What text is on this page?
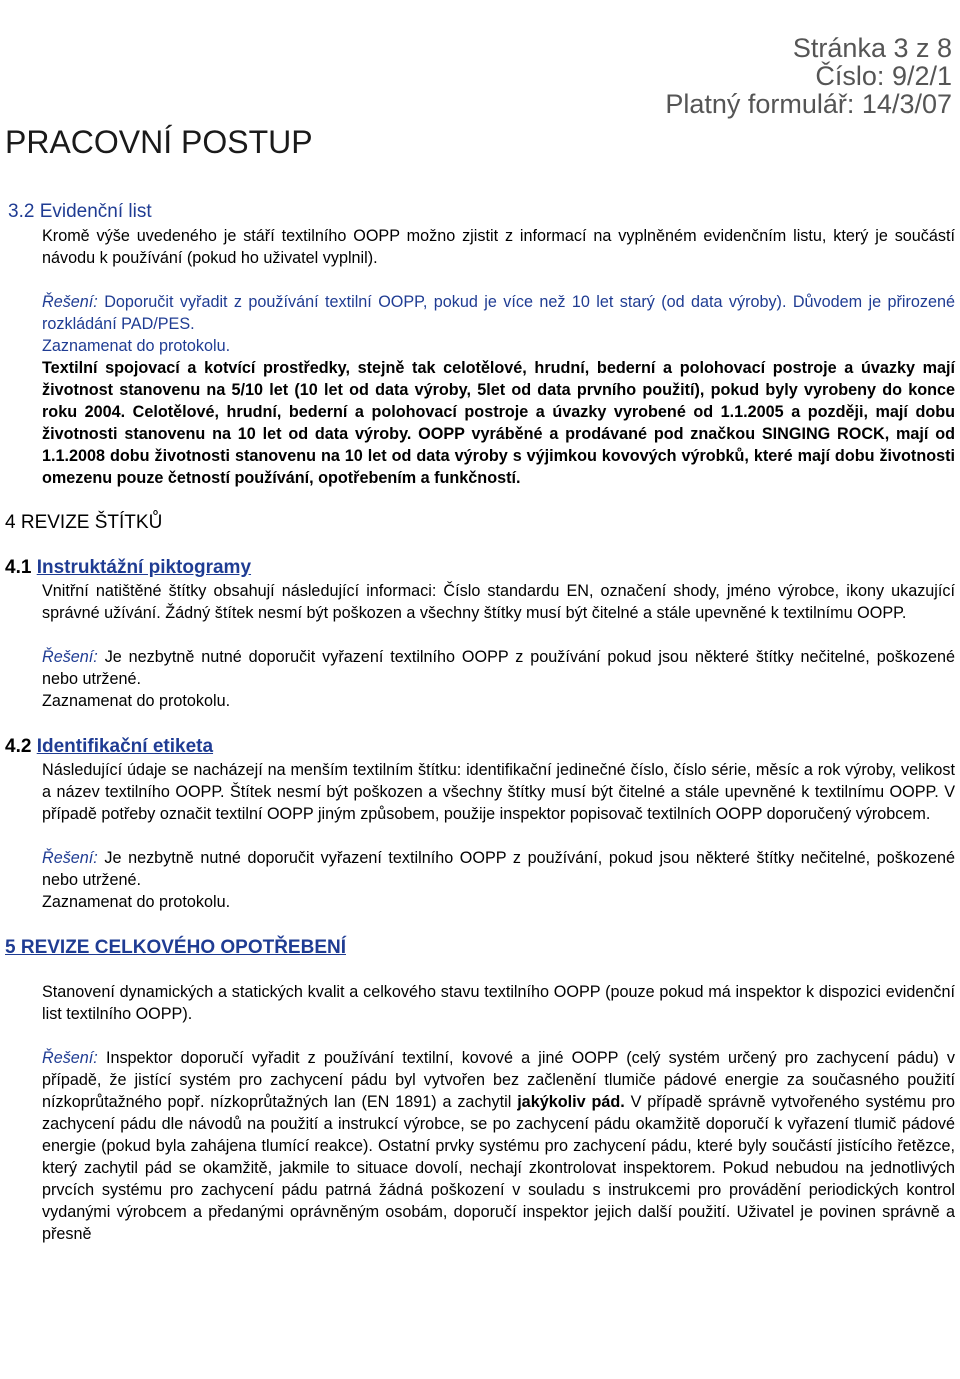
PRACOVNÍ POSTUP
Stránka 3 z 8
Číslo: 9/2/1
Platný formulář: 14/3/07
3.2 Evidenční list
Kromě výše uvedeného je stáří textilního OOPP možno zjistit z informací na vyplněném evidenčním listu, který je součástí návodu k používání (pokud ho uživatel vyplnil).
Řešení: Doporučit vyřadit z používání textilní OOPP, pokud je více než 10 let starý (od data výroby). Důvodem je přirozené rozkládání PAD/PES.
Zaznamenat do protokolu.
Textilní spojovací a kotvící prostředky, stejně tak celotělové, hrudní, bederní a polohovací postroje a úvazky mají životnost stanovenu na 5/10 let (10 let od data výroby, 5let od data prvního použití), pokud byly vyrobeny do konce roku 2004. Celotělové, hrudní, bederní a polohovací postroje a úvazky vyrobené od 1.1.2005 a později, mají dobu životnosti stanovenu na 10 let od data výroby. OOPP vyráběné a prodávané pod značkou SINGING ROCK, mají od 1.1.2008 dobu životnosti stanovenu na 10 let od data výroby s výjimkou kovových výrobků, které mají dobu životnosti omezenu pouze četností používání, opotřebením a funkčností.
4 REVIZE ŠTÍTKŮ
4.1 Instruktážní piktogramy
Vnitřní natištěné štítky obsahují následující informaci: Číslo standardu EN, označení shody, jméno výrobce, ikony ukazující správné užívání. Žádný štítek nesmí být poškozen a všechny štítky musí být čitelné a stále upevněné k textilnímu OOPP.
Řešení: Je nezbytně nutné doporučit vyřazení textilního OOPP z používání pokud jsou některé štítky nečitelné, poškozené nebo utržené.
Zaznamenat do protokolu.
4.2 Identifikační etiketa
Následující údaje se nacházejí na menším textilním štítku: identifikační jedinečné číslo, číslo série, měsíc a rok výroby, velikost a název textilního OOPP. Štítek nesmí být poškozen a všechny štítky musí být čitelné a stále upevněné k textilnímu OOPP. V případě potřeby označit textilní OOPP jiným způsobem, použije inspektor popisovač textilních OOPP doporučený výrobcem.
Řešení: Je nezbytně nutné doporučit vyřazení textilního OOPP z používání, pokud jsou některé štítky nečitelné, poškozené nebo utržené.
Zaznamenat do protokolu.
5 REVIZE CELKOVÉHO OPOTŘEBENÍ
Stanovení dynamických a statických kvalit a celkového stavu textilního OOPP (pouze pokud má inspektor k dispozici evidenční list textilního OOPP).
Řešení: Inspektor doporučí vyřadit z používání textilní, kovové a jiné OOPP (celý systém určený pro zachycení pádu) v případě, že jistící systém pro zachycení pádu byl vytvořen bez začlenění tlumiče pádové energie za současného použití nízkoprůtažného popř. nízkoprůtažných lan (EN 1891) a zachytil jakýkoliv pád. V případě správně vytvořeného systému pro zachycení pádu dle návodů na použití a instrukcí výrobce, se po zachycení pádu okamžitě doporučí k vyřazení tlumič pádové energie (pokud byla zahájena tlumící reakce). Ostatní prvky systému pro zachycení pádu, které byly součástí jistícího řetězce, který zachytil pád se okamžitě, jakmile to situace dovolí, nechají zkontrolovat inspektorem. Pokud nebudou na jednotlivých prvcích systému pro zachycení pádu patrná žádná poškození v souladu s instrukcemi pro provádění periodických kontrol vydanými výrobcem a předanými oprávněným osobám, doporučí inspektor jejich další použití. Uživatel je povinen správně a přesně
